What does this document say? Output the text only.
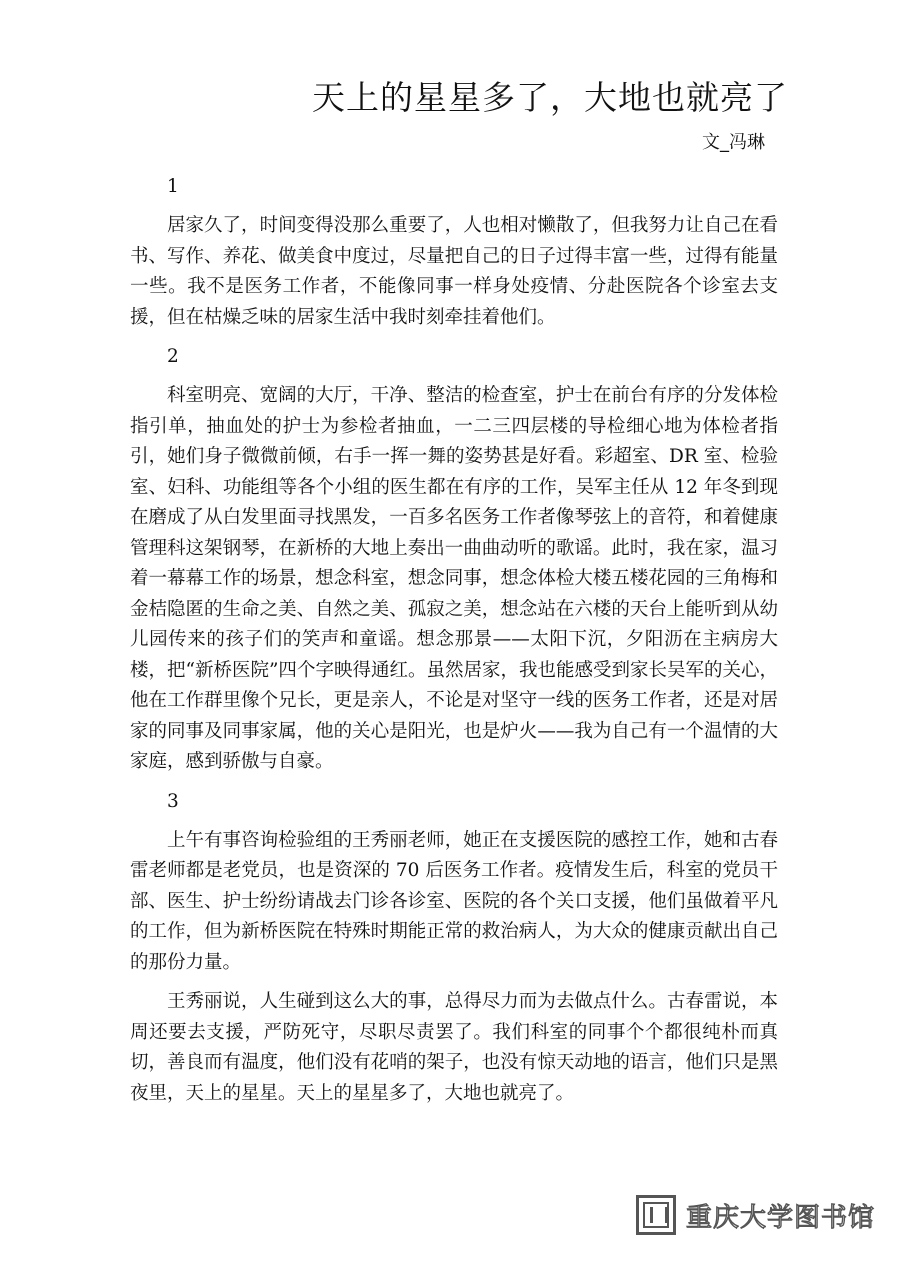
天上的星星多了，大地也就亮了

文_冯琳

1

居家久了，时间变得没那么重要了，人也相对懒散了，但我努力让自己在看书、写作、养花、做美食中度过，尽量把自己的日子过得丰富一些，过得有能量一些。我不是医务工作者，不能像同事一样身处疫情、分赴医院各个诊室去支援，但在枯燥乏味的居家生活中我时刻牵挂着他们。

2

科室明亮、宽阔的大厅，干净、整洁的检查室，护士在前台有序的分发体检指引单，抽血处的护士为参检者抽血，一二三四层楼的导检细心地为体检者指引，她们身子微微前倾，右手一挥一舞的姿势甚是好看。彩超室、DR 室、检验室、妇科、功能组等各个小组的医生都在有序的工作，吴军主任从 12 年冬到现在磨成了从白发里面寻找黑发，一百多名医务工作者像琴弦上的音符，和着健康管理科这架钢琴，在新桥的大地上奏出一曲曲动听的歌谣。此时，我在家，温习着一幕幕工作的场景，想念科室，想念同事，想念体检大楼五楼花园的三角梅和金桔隐匿的生命之美、自然之美、孤寂之美，想念站在六楼的天台上能听到从幼儿园传来的孩子们的笑声和童谣。想念那景——太阳下沉，夕阳沥在主病房大楼，把“新桥医院”四个字映得通红。虽然居家，我也能感受到家长吴军的关心，他在工作群里像个兄长，更是亲人，不论是对坚守一线的医务工作者，还是对居家的同事及同事家属，他的关心是阳光，也是炉火——我为自己有一个温情的大家庭，感到骄傲与自豪。

3

上午有事咨询检验组的王秀丽老师，她正在支援医院的感控工作，她和古春雷老师都是老党员，也是资深的 70 后医务工作者。疫情发生后，科室的党员干部、医生、护士纷纷请战去门诊各诊室、医院的各个关口支援，他们虽做着平凡的工作，但为新桥医院在特殊时期能正常的救治病人，为大众的健康贡献出自己的那份力量。

王秀丽说，人生碰到这么大的事，总得尽力而为去做点什么。古春雷说，本周还要去支援，严防死守，尽职尽责罢了。我们科室的同事个个都很纯朴而真切，善良而有温度，他们没有花哨的架子，也没有惊天动地的语言，他们只是黑夜里，天上的星星。天上的星星多了，大地也就亮了。

重庆大学图书馆
